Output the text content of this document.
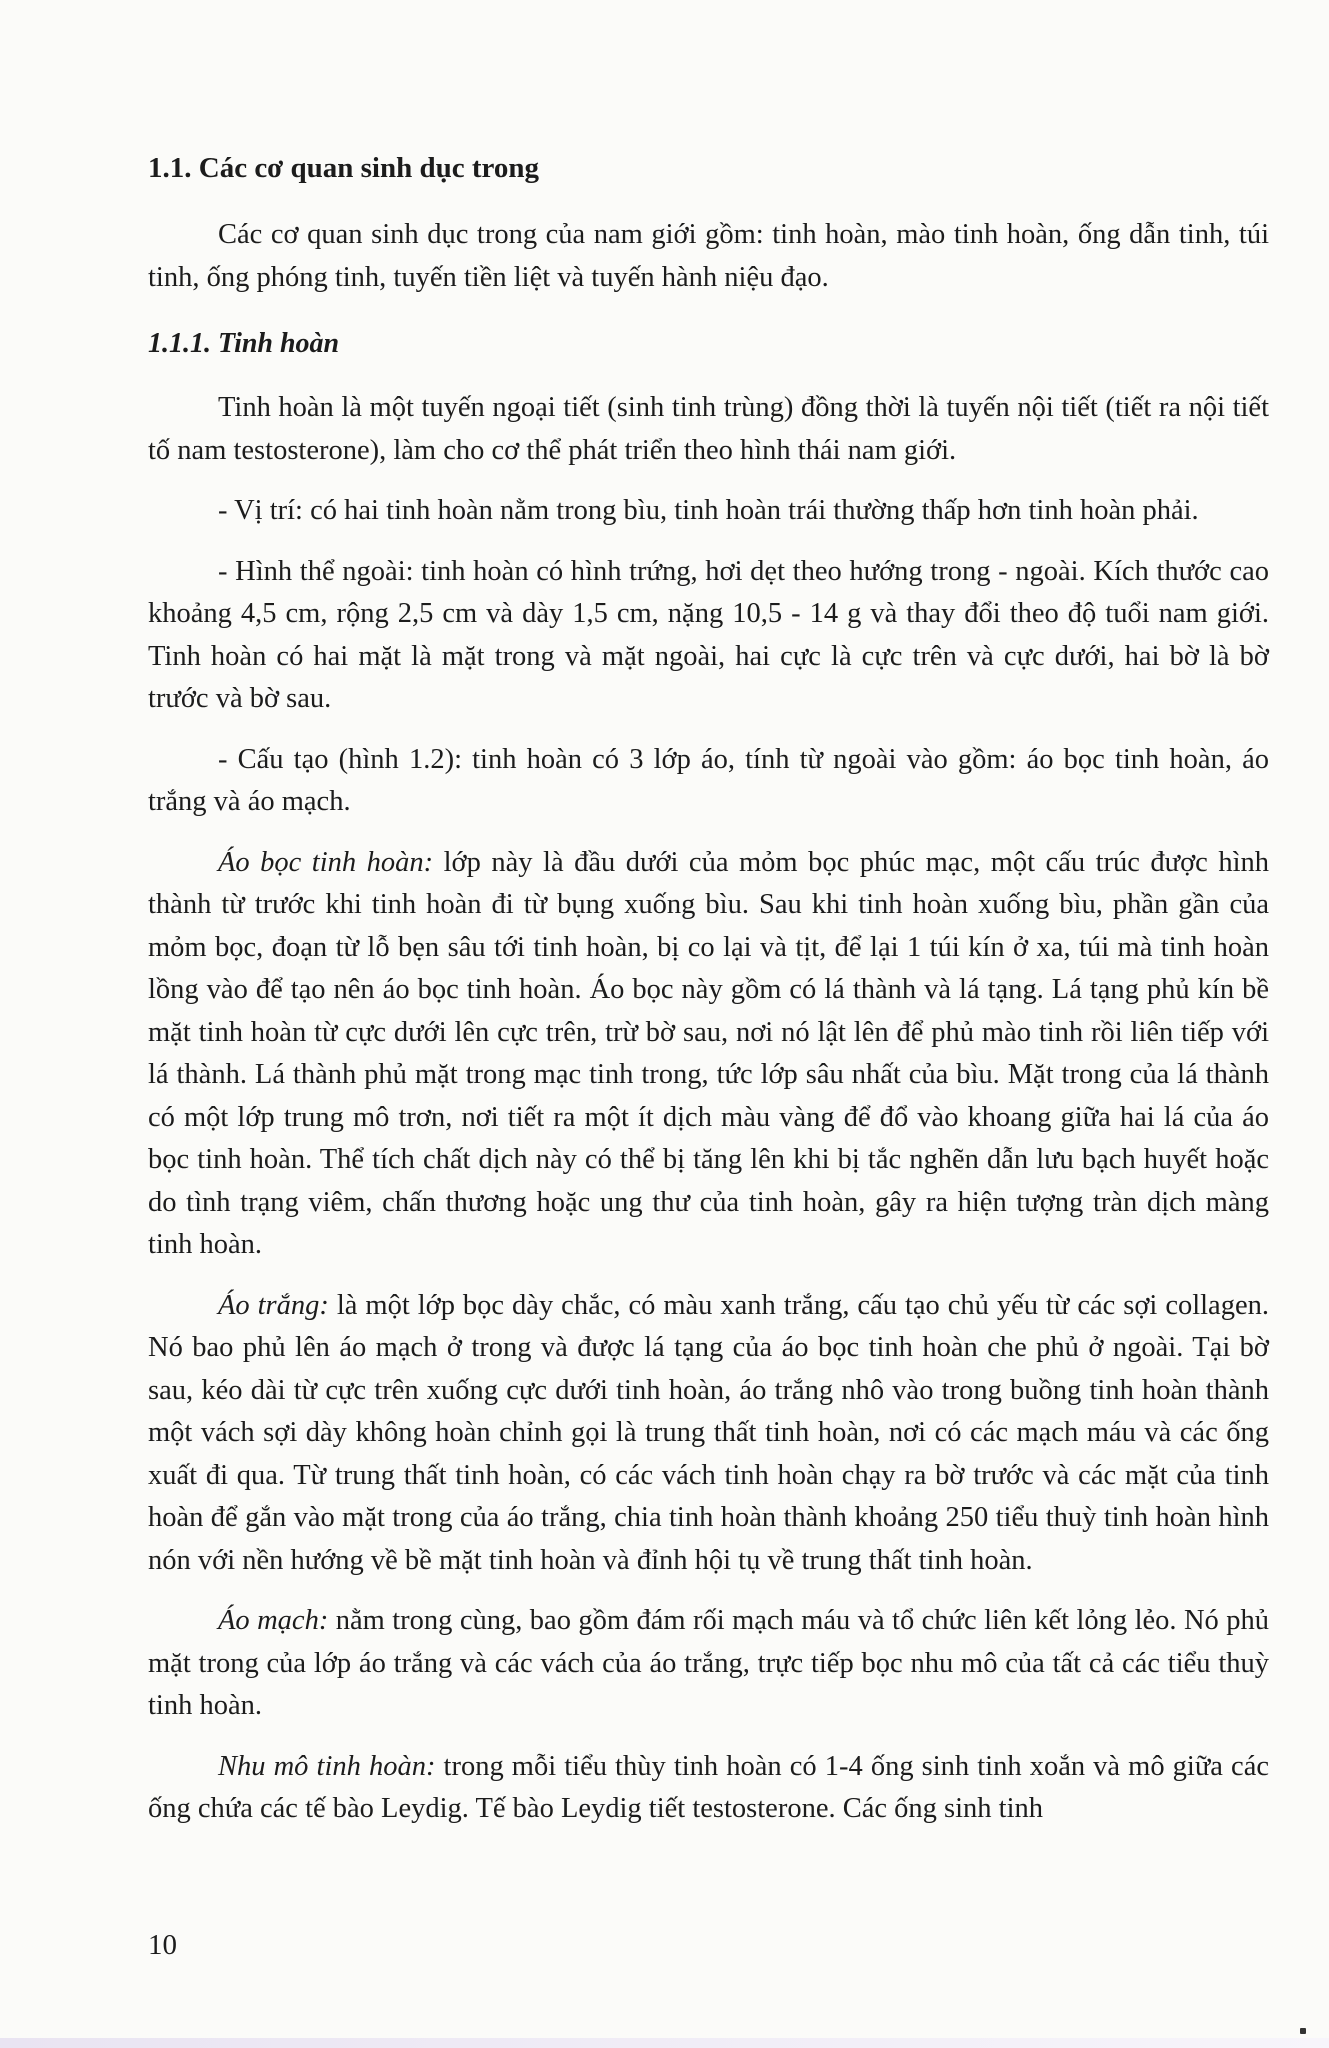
1.1. Các cơ quan sinh dục trong

Các cơ quan sinh dục trong của nam giới gồm: tinh hoàn, mào tinh hoàn, ống dẫn tinh, túi tinh, ống phóng tinh, tuyến tiền liệt và tuyến hành niệu đạo.

1.1.1. Tinh hoàn

Tinh hoàn là một tuyến ngoại tiết (sinh tinh trùng) đồng thời là tuyến nội tiết (tiết ra nội tiết tố nam testosterone), làm cho cơ thể phát triển theo hình thái nam giới.

- Vị trí: có hai tinh hoàn nằm trong bìu, tinh hoàn trái thường thấp hơn tinh hoàn phải.

- Hình thể ngoài: tinh hoàn có hình trứng, hơi dẹt theo hướng trong - ngoài. Kích thước cao khoảng 4,5 cm, rộng 2,5 cm và dày 1,5 cm, nặng 10,5 - 14 g và thay đổi theo độ tuổi nam giới. Tinh hoàn có hai mặt là mặt trong và mặt ngoài, hai cực là cực trên và cực dưới, hai bờ là bờ trước và bờ sau.

- Cấu tạo (hình 1.2): tinh hoàn có 3 lớp áo, tính từ ngoài vào gồm: áo bọc tinh hoàn, áo trắng và áo mạch.

Áo bọc tinh hoàn: lớp này là đầu dưới của mỏm bọc phúc mạc, một cấu trúc được hình thành từ trước khi tinh hoàn đi từ bụng xuống bìu. Sau khi tinh hoàn xuống bìu, phần gần của mỏm bọc, đoạn từ lỗ bẹn sâu tới tinh hoàn, bị co lại và tịt, để lại 1 túi kín ở xa, túi mà tinh hoàn lồng vào để tạo nên áo bọc tinh hoàn. Áo bọc này gồm có lá thành và lá tạng. Lá tạng phủ kín bề mặt tinh hoàn từ cực dưới lên cực trên, trừ bờ sau, nơi nó lật lên để phủ mào tinh rồi liên tiếp với lá thành. Lá thành phủ mặt trong mạc tinh trong, tức lớp sâu nhất của bìu. Mặt trong của lá thành có một lớp trung mô trơn, nơi tiết ra một ít dịch màu vàng để đổ vào khoang giữa hai lá của áo bọc tinh hoàn. Thể tích chất dịch này có thể bị tăng lên khi bị tắc nghẽn dẫn lưu bạch huyết hoặc do tình trạng viêm, chấn thương hoặc ung thư của tinh hoàn, gây ra hiện tượng tràn dịch màng tinh hoàn.

Áo trắng: là một lớp bọc dày chắc, có màu xanh trắng, cấu tạo chủ yếu từ các sợi collagen. Nó bao phủ lên áo mạch ở trong và được lá tạng của áo bọc tinh hoàn che phủ ở ngoài. Tại bờ sau, kéo dài từ cực trên xuống cực dưới tinh hoàn, áo trắng nhô vào trong buồng tinh hoàn thành một vách sợi dày không hoàn chỉnh gọi là trung thất tinh hoàn, nơi có các mạch máu và các ống xuất đi qua. Từ trung thất tinh hoàn, có các vách tinh hoàn chạy ra bờ trước và các mặt của tinh hoàn để gắn vào mặt trong của áo trắng, chia tinh hoàn thành khoảng 250 tiểu thuỳ tinh hoàn hình nón với nền hướng về bề mặt tinh hoàn và đỉnh hội tụ về trung thất tinh hoàn.

Áo mạch: nằm trong cùng, bao gồm đám rối mạch máu và tổ chức liên kết lỏng lẻo. Nó phủ mặt trong của lớp áo trắng và các vách của áo trắng, trực tiếp bọc nhu mô của tất cả các tiểu thuỳ tinh hoàn.

Nhu mô tinh hoàn: trong mỗi tiểu thùy tinh hoàn có 1-4 ống sinh tinh xoắn và mô giữa các ống chứa các tế bào Leydig. Tế bào Leydig tiết testosterone. Các ống sinh tinh

10
